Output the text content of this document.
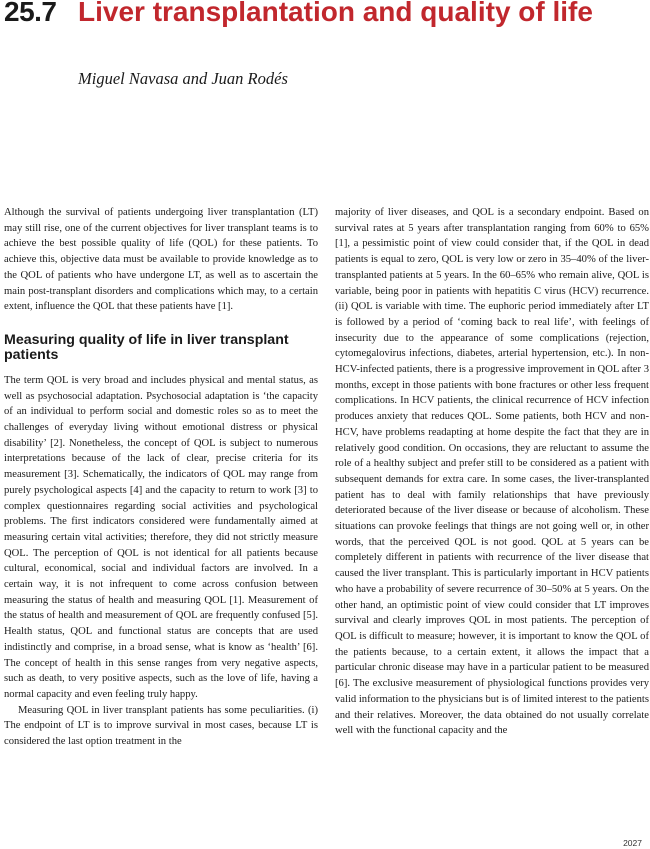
25.7 Liver transplantation and quality of life
Miguel Navasa and Juan Rodés

Although the survival of patients undergoing liver transplantation (LT) may still rise, one of the current objectives for liver transplant teams is to achieve the best possible quality of life (QOL) for these patients. To achieve this, objective data must be available to provide knowledge as to the QOL of patients who have undergone LT, as well as to ascertain the main post-transplant disorders and complications which may, to a certain extent, influence the QOL that these patients have [1].

Measuring quality of life in liver transplant patients

The term QOL is very broad and includes physical and mental status, as well as psychosocial adaptation. Psychosocial adaptation is ‘the capacity of an individual to perform social and domestic roles so as to meet the challenges of everyday living without emotional distress or physical disability’ [2]. Nonetheless, the concept of QOL is subject to numerous interpretations because of the lack of clear, precise criteria for its measurement [3]. Schematically, the indicators of QOL may range from purely psychological aspects [4] and the capacity to return to work [3] to complex questionnaires regarding social activities and psychological problems. The first indicators considered were fundamentally aimed at measuring certain vital activities; therefore, they did not strictly measure QOL. The perception of QOL is not identical for all patients because cultural, economical, social and individual factors are involved. In a certain way, it is not infrequent to come across confusion between measuring the status of health and measuring QOL [1]. Measurement of the status of health and measurement of QOL are frequently confused [5]. Health status, QOL and functional status are concepts that are used indistinctly and comprise, in a broad sense, what is know as ‘health’ [6]. The concept of health in this sense ranges from very negative aspects, such as death, to very positive aspects, such as the love of life, having a normal capacity and even feeling truly happy.

Measuring QOL in liver transplant patients has some peculiarities. (i) The endpoint of LT is to improve survival in most cases, because LT is considered the last option treatment in the

majority of liver diseases, and QOL is a secondary endpoint. Based on survival rates at 5 years after transplantation ranging from 60% to 65% [1], a pessimistic point of view could consider that, if the QOL in dead patients is equal to zero, QOL is very low or zero in 35–40% of the liver-transplanted patients at 5 years. In the 60–65% who remain alive, QOL is variable, being poor in patients with hepatitis C virus (HCV) recurrence. (ii) QOL is variable with time. The euphoric period immediately after LT is followed by a period of ‘coming back to real life’, with feelings of insecurity due to the appearance of some complications (rejection, cytomegalovirus infections, diabetes, arterial hypertension, etc.). In non-HCV-infected patients, there is a progressive improvement in QOL after 3 months, except in those patients with bone fractures or other less frequent complications. In HCV patients, the clinical recurrence of HCV infection produces anxiety that reduces QOL. Some patients, both HCV and non-HCV, have problems readapting at home despite the fact that they are in relatively good condition. On occasions, they are reluctant to assume the role of a healthy subject and prefer still to be considered as a patient with subsequent demands for extra care. In some cases, the liver-transplanted patient has to deal with family relationships that have previously deteriorated because of the liver disease or because of alcoholism. These situations can provoke feelings that things are not going well or, in other words, that the perceived QOL is not good. QOL at 5 years can be completely different in patients with recurrence of the liver disease that caused the liver transplant. This is particularly important in HCV patients who have a probability of severe recurrence of 30–50% at 5 years. On the other hand, an optimistic point of view could consider that LT improves survival and clearly improves QOL in most patients. The perception of QOL is difficult to measure; however, it is important to know the QOL of the patients because, to a certain extent, it allows the impact that a particular chronic disease may have in a particular patient to be measured [6]. The exclusive measurement of physiological functions provides very valid information to the physicians but is of limited interest to the patients and their relatives. Moreover, the data obtained do not usually correlate well with the functional capacity and the

2027
